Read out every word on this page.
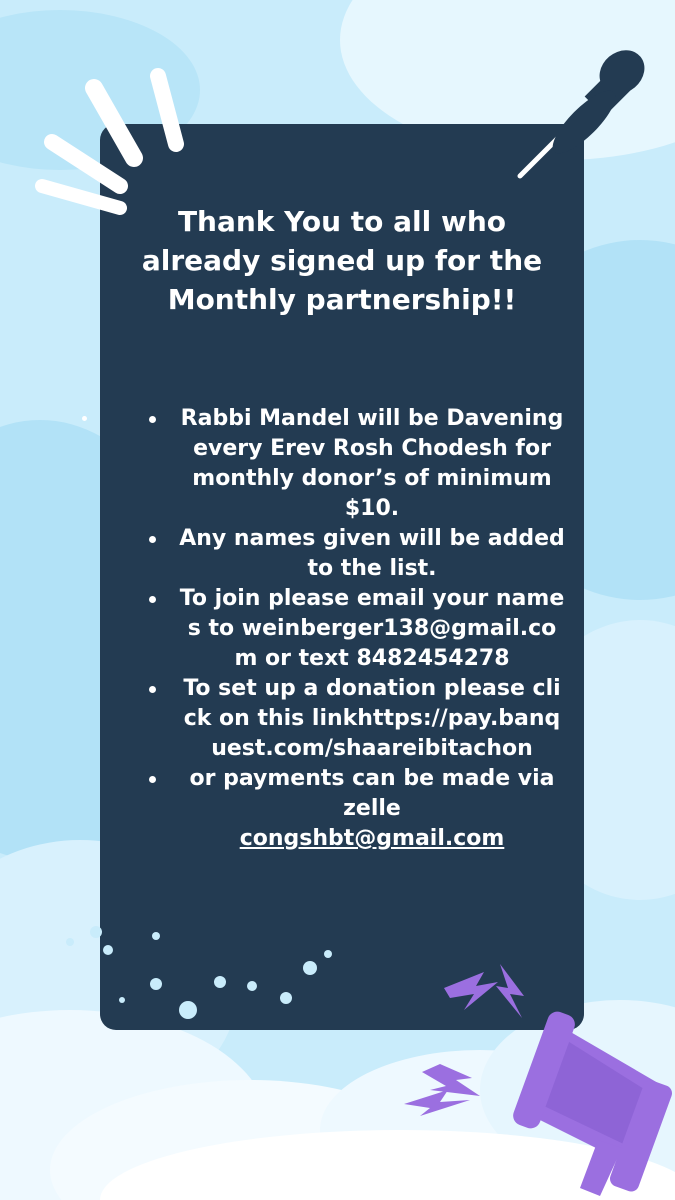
Thank You to all who already signed up for the Monthly partnership!!
Rabbi Mandel will be Davening every Erev Rosh Chodesh for monthly donor’s of minimum $10.
Any names given will be added to the list.
To join please email your names to weinberger138@gmail.com or text 8482454278
To set up a donation please click on this linkhttps://pay.banquest.com/shaareibitachon
or payments can be made via zelle
congshbt@gmail.com
